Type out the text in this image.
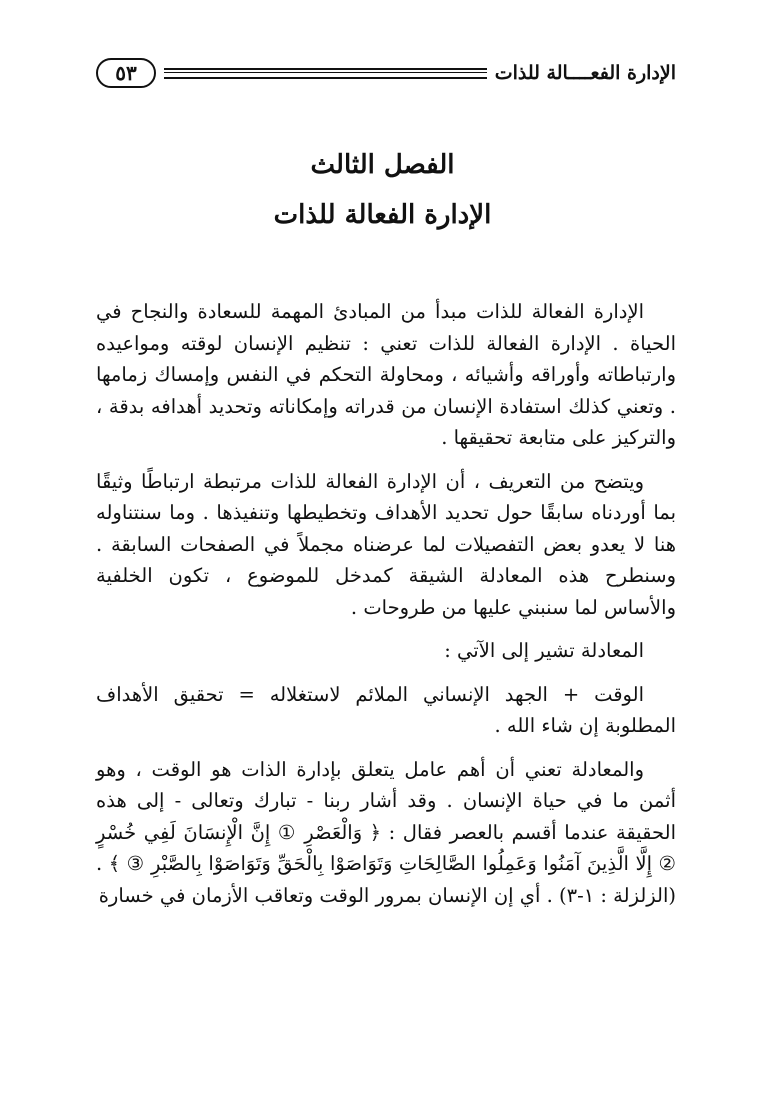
٥٣	الإدارة الفعــــالة للذات
الفصل الثالث
الإدارة الفعالة للذات

الإدارة الفعالة للذات مبدأ من المبادئ المهمة للسعادة والنجاح في الحياة . الإدارة الفعالة للذات تعني : تنظيم الإنسان لوقته ومواعيده وارتباطاته وأوراقه وأشيائه ، ومحاولة التحكم في النفس وإمساك زمامها . وتعني كذلك استفادة الإنسان من قدراته وإمكاناته وتحديد أهدافه بدقة ، والتركيز على متابعة تحقيقها .

ويتضح من التعريف ، أن الإدارة الفعالة للذات مرتبطة ارتباطًا وثيقًا بما أوردناه سابقًا حول تحديد الأهداف وتخطيطها وتنفيذها . وما سنتناوله هنا لا يعدو بعض التفصيلات لما عرضناه مجملاً في الصفحات السابقة . وسنطرح هذه المعادلة الشيقة كمدخل للموضوع ، تكون الخلفية والأساس لما سنبني عليها من طروحات .

المعادلة تشير إلى الآتي :

الوقت + الجهد الإنساني الملائم لاستغلاله = تحقيق الأهداف المطلوبة إن شاء الله .

والمعادلة تعني أن أهم عامل يتعلق بإدارة الذات هو الوقت ، وهو أثمن ما في حياة الإنسان . وقد أشار ربنا - تبارك وتعالى - إلى هذه الحقيقة عندما أقسم بالعصر فقال : ﴿ وَالْعَصْرِ ① إِنَّ الْإِنسَانَ لَفِي خُسْرٍ ② إِلَّا الَّذِينَ آمَنُوا وَعَمِلُوا الصَّالِحَاتِ وَتَوَاصَوْا بِالْحَقِّ وَتَوَاصَوْا بِالصَّبْرِ ③ ﴾ . (الزلزلة : ١-٣) . أي إن الإنسان بمرور الوقت وتعاقب الأزمان في خسارة
